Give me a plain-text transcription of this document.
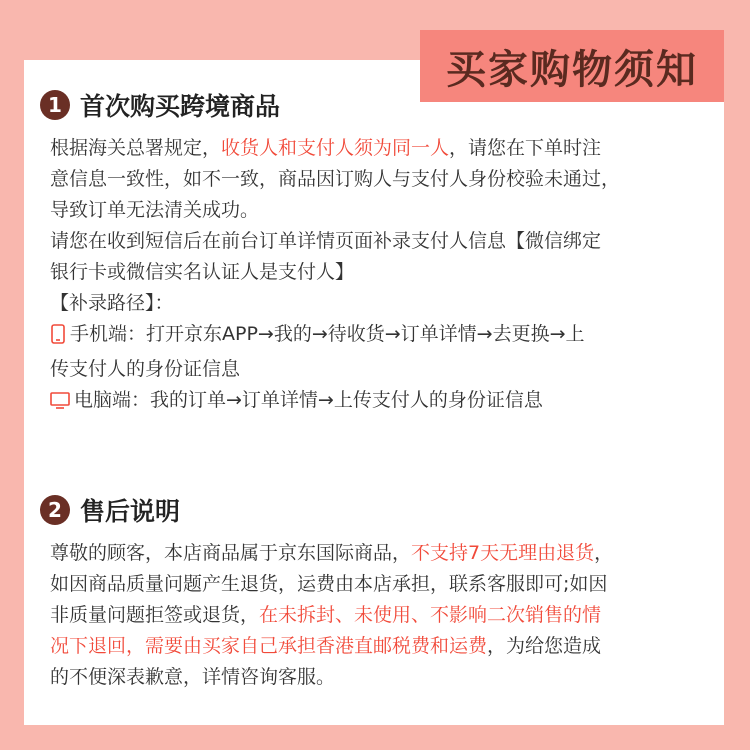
买家购物须知
1 首次购买跨境商品
根据海关总署规定，收货人和支付人须为同一人，请您在下单时注
意信息一致性，如不一致，商品因订购人与支付人身份校验未通过，
导致订单无法清关成功。
请您在收到短信后在前台订单详情页面补录支付人信息【微信绑定
银行卡或微信实名认证人是支付人】
【补录路径】：
手机端：打开京东APP→我的→待收货→订单详情→去更换→上
传支付人的身份证信息
电脑端：我的订单→订单详情→上传支付人的身份证信息
2 售后说明
尊敬的顾客，本店商品属于京东国际商品，不支持7天无理由退货，
如因商品质量问题产生退货，运费由本店承担，联系客服即可;如因
非质量问题拒签或退货，在未拆封、未使用、不影响二次销售的情
况下退回，需要由买家自己承担香港直邮税费和运费，为给您造成
的不便深表歉意，详情咨询客服。
